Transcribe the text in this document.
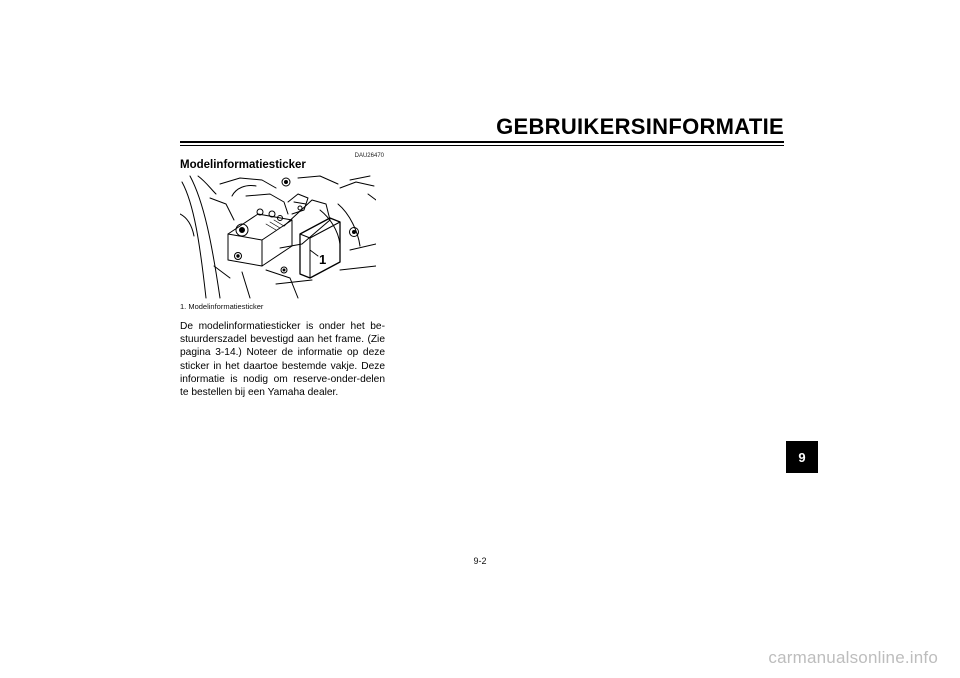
GEBRUIKERSINFORMATIE
DAU26470
Modelinformatiesticker
1
1. Modelinformatiesticker
De modelinformatiesticker is onder het be-stuurderszadel bevestigd aan het frame. (Zie pagina 3-14.) Noteer de informatie op deze sticker in het daartoe bestemde vakje. Deze informatie is nodig om reserve-onder-delen te bestellen bij een Yamaha dealer.
9
9-2
carmanualsonline.info
